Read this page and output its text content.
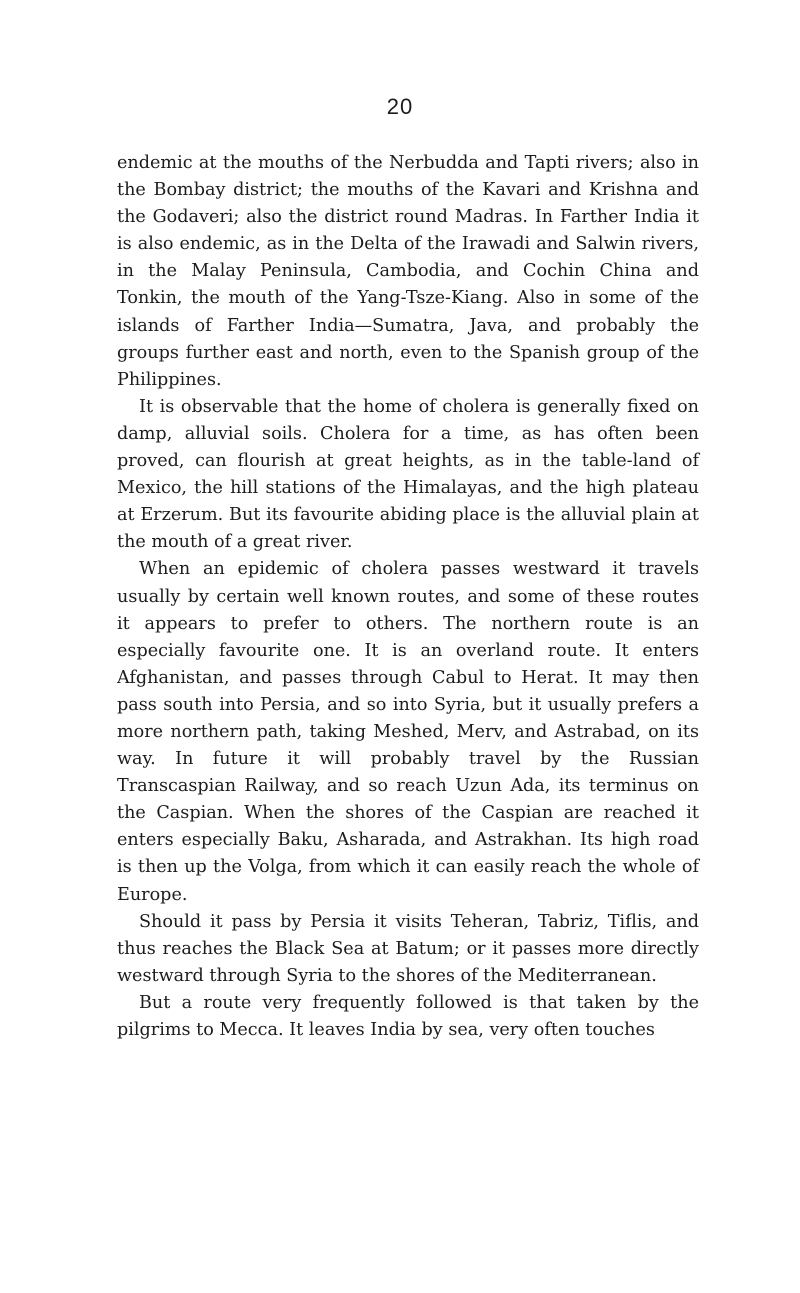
20

endemic at the mouths of the Nerbudda and Tapti rivers; also in the Bombay district; the mouths of the Kavari and Krishna and the Godaveri; also the district round Madras. In Farther India it is also endemic, as in the Delta of the Irawadi and Salwin rivers, in the Malay Peninsula, Cambodia, and Cochin China and Tonkin, the mouth of the Yang-Tsze-Kiang. Also in some of the islands of Farther India—Sumatra, Java, and probably the groups further east and north, even to the Spanish group of the Philippines.

It is observable that the home of cholera is generally fixed on damp, alluvial soils. Cholera for a time, as has often been proved, can flourish at great heights, as in the table-land of Mexico, the hill stations of the Himalayas, and the high plateau at Erzerum. But its favourite abiding place is the alluvial plain at the mouth of a great river.

When an epidemic of cholera passes westward it travels usually by certain well known routes, and some of these routes it appears to prefer to others. The northern route is an especially favourite one. It is an overland route. It enters Afghanistan, and passes through Cabul to Herat. It may then pass south into Persia, and so into Syria, but it usually prefers a more northern path, taking Meshed, Merv, and Astrabad, on its way. In future it will probably travel by the Russian Transcaspian Railway, and so reach Uzun Ada, its terminus on the Caspian. When the shores of the Caspian are reached it enters especially Baku, Asharada, and Astrakhan. Its high road is then up the Volga, from which it can easily reach the whole of Europe.

Should it pass by Persia it visits Teheran, Tabriz, Tiflis, and thus reaches the Black Sea at Batum; or it passes more directly westward through Syria to the shores of the Mediterranean.

But a route very frequently followed is that taken by the pilgrims to Mecca. It leaves India by sea, very often touches
